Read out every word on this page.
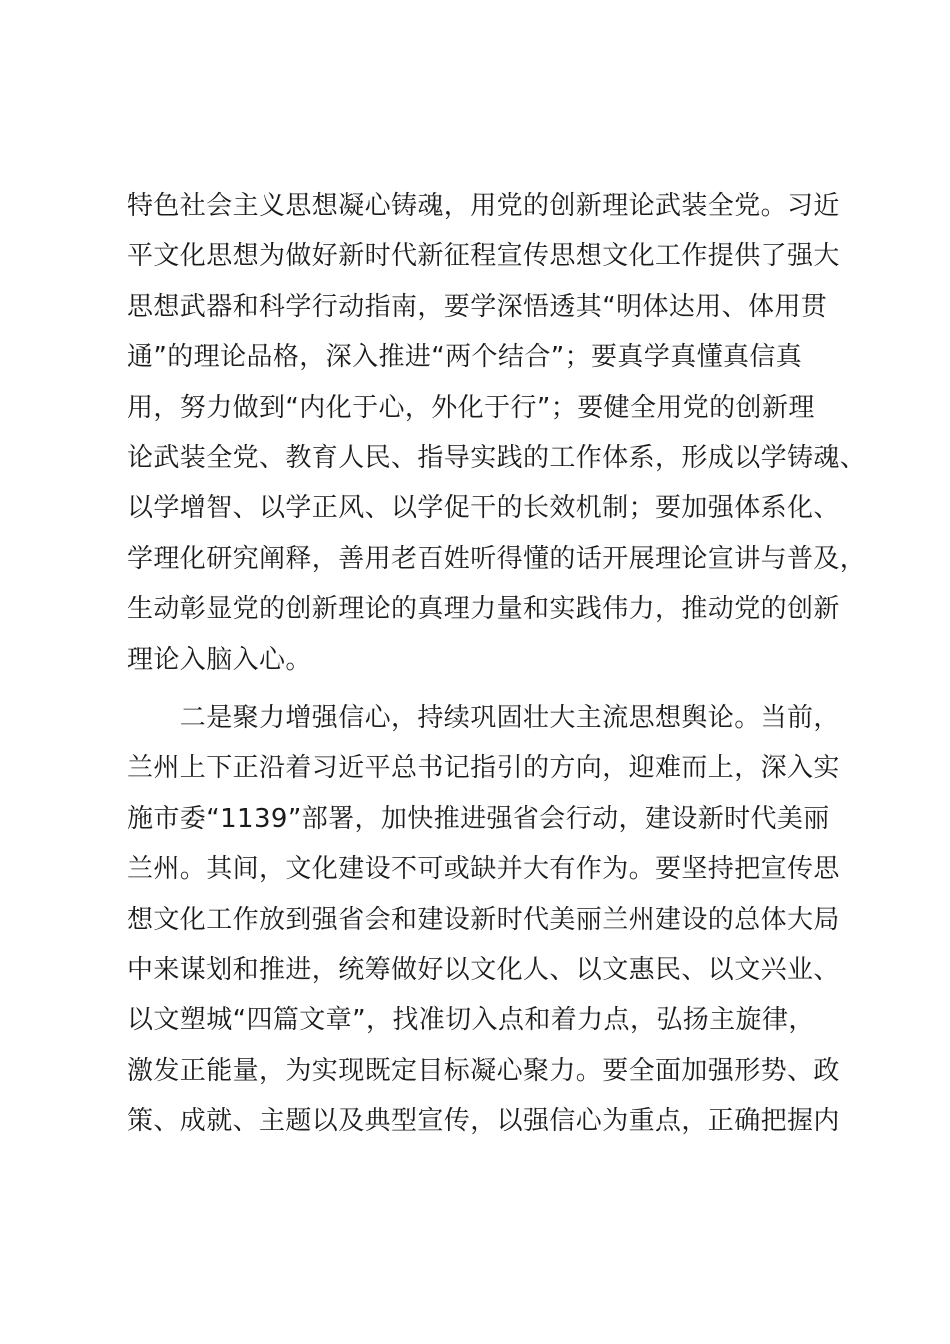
特色社会主义思想凝心铸魂，用党的创新理论武装全党。习近
平文化思想为做好新时代新征程宣传思想文化工作提供了强大
思想武器和科学行动指南，要学深悟透其“明体达用、体用贯
通”的理论品格，深入推进“两个结合”；要真学真懂真信真
用，努力做到“内化于心，外化于行”；要健全用党的创新理
论武装全党、教育人民、指导实践的工作体系，形成以学铸魂、
以学增智、以学正风、以学促干的长效机制；要加强体系化、
学理化研究阐释，善用老百姓听得懂的话开展理论宣讲与普及，
生动彰显党的创新理论的真理力量和实践伟力，推动党的创新
理论入脑入心。
　　二是聚力增强信心，持续巩固壮大主流思想舆论。当前，
兰州上下正沿着习近平总书记指引的方向，迎难而上，深入实
施市委“1139”部署，加快推进强省会行动，建设新时代美丽
兰州。其间，文化建设不可或缺并大有作为。要坚持把宣传思
想文化工作放到强省会和建设新时代美丽兰州建设的总体大局
中来谋划和推进，统筹做好以文化人、以文惠民、以文兴业、
以文塑城“四篇文章”，找准切入点和着力点，弘扬主旋律，
激发正能量，为实现既定目标凝心聚力。要全面加强形势、政
策、成就、主题以及典型宣传，以强信心为重点，正确把握内
